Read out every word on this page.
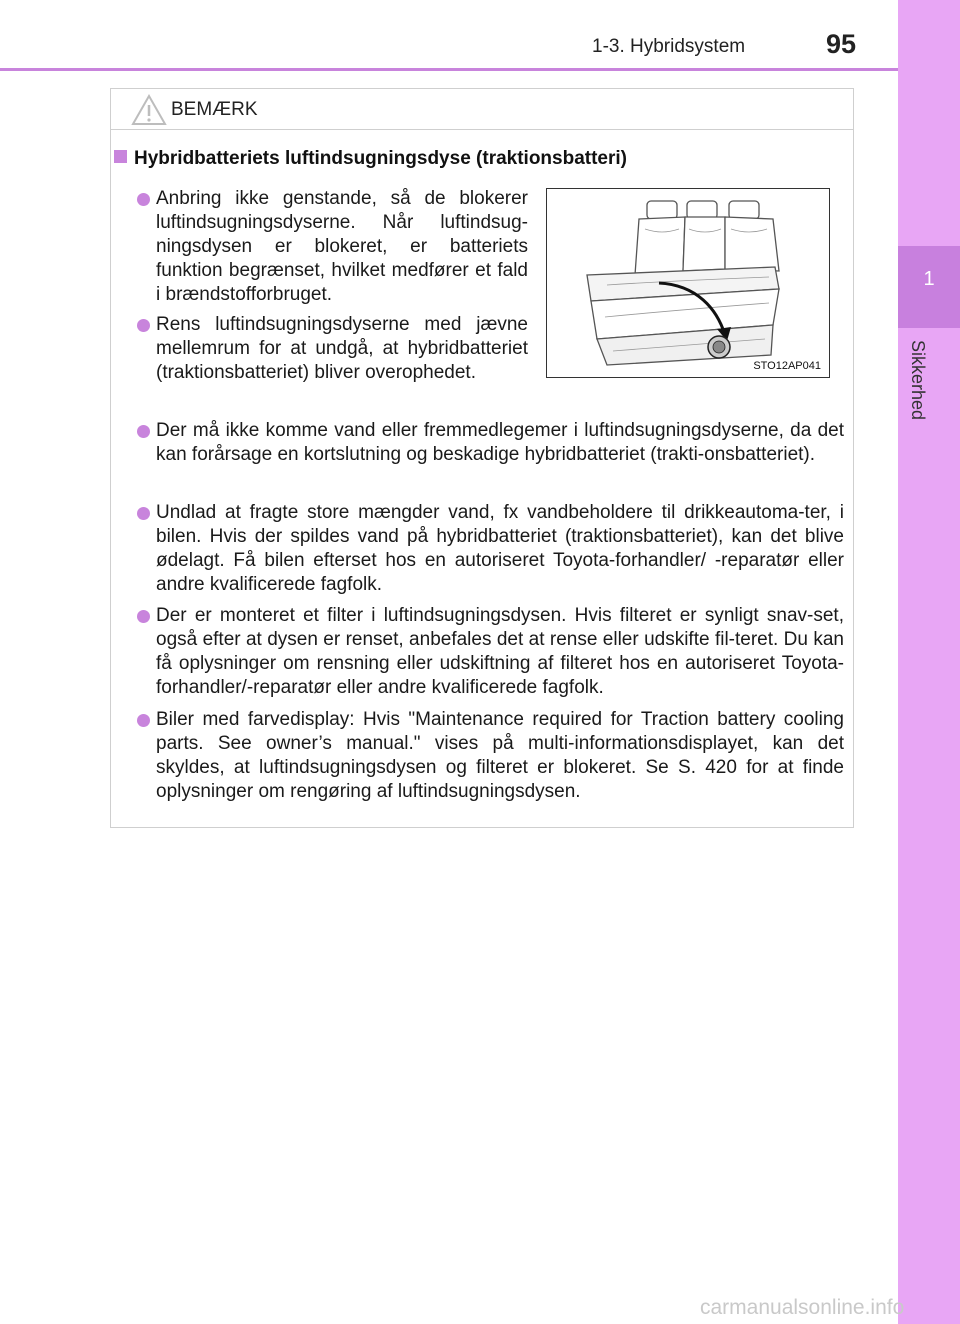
1-3. Hybridsystem	95
1
Sikkerhed
BEMÆRK
Hybridbatteriets luftindsugningsdyse (traktionsbatteri)
Anbring ikke genstande, så de blokerer luftindsugningsdyserne. Når luftindsug-ningsdysen er blokeret, er batteriets funktion begrænset, hvilket medfører et fald i brændstofforbruget.
Rens luftindsugningsdyserne med jævne mellemrum for at undgå, at hybridbatteriet (traktionsbatteriet) bliver overophedet.
Der må ikke komme vand eller fremmedlegemer i luftindsugningsdyserne, da det kan forårsage en kortslutning og beskadige hybridbatteriet (trakti-onsbatteriet).
Undlad at fragte store mængder vand, fx vandbeholdere til drikkeautoma-ter, i bilen. Hvis der spildes vand på hybridbatteriet (traktionsbatteriet), kan det blive ødelagt. Få bilen efterset hos en autoriseret Toyota-forhandler/ -reparatør eller andre kvalificerede fagfolk.
Der er monteret et filter i luftindsugningsdysen. Hvis filteret er synligt snav-set, også efter at dysen er renset, anbefales det at rense eller udskifte fil-teret. Du kan få oplysninger om rensning eller udskiftning af filteret hos en autoriseret Toyota-forhandler/-reparatør eller andre kvalificerede fagfolk.
Biler med farvedisplay: Hvis "Maintenance required for Traction battery cooling parts. See owner’s manual." vises på multi-informationsdisplayet, kan det skyldes, at luftindsugningsdysen og filteret er blokeret. Se S. 420 for at finde oplysninger om rengøring af luftindsugningsdysen.
STO12AP041
carmanualsonline.info
